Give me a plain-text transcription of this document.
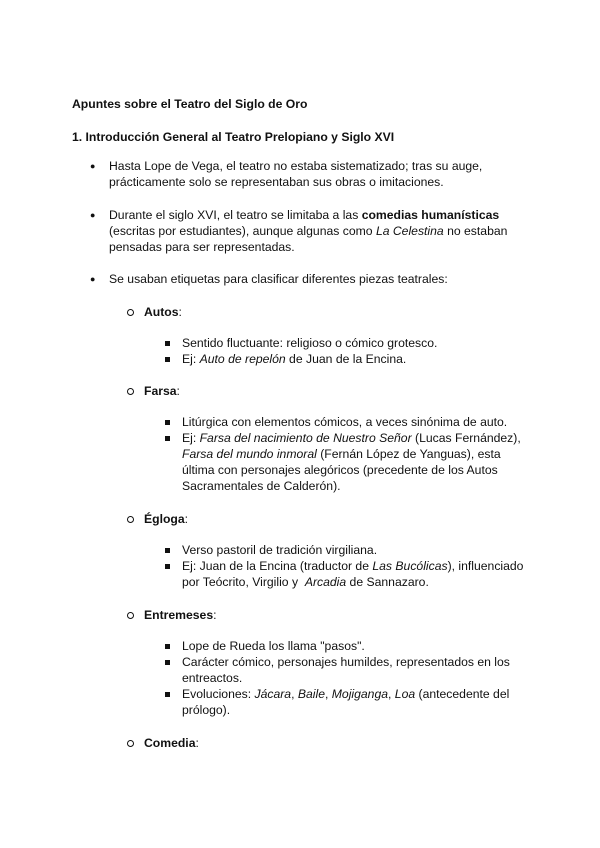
Apuntes sobre el Teatro del Siglo de Oro
1. Introducción General al Teatro Prelopiano y Siglo XVI
● Hasta Lope de Vega, el teatro no estaba sistematizado; tras su auge,
prácticamente solo se representaban sus obras o imitaciones.
● Durante el siglo XVI, el teatro se limitaba a las comedias humanísticas
(escritas por estudiantes), aunque algunas como La Celestina no estaban
pensadas para ser representadas.
● Se usaban etiquetas para clasificar diferentes piezas teatrales:
Autos:
Sentido fluctuante: religioso o cómico grotesco.
Ej: Auto de repelón de Juan de la Encina.
Farsa:
Litúrgica con elementos cómicos, a veces sinónima de auto.
Ej: Farsa del nacimiento de Nuestro Señor (Lucas Fernández),
Farsa del mundo inmoral (Fernán López de Yanguas), esta
última con personajes alegóricos (precedente de los Autos
Sacramentales de Calderón).
Égloga:
Verso pastoril de tradición virgiliana.
Ej: Juan de la Encina (traductor de Las Bucólicas), influenciado
por Teócrito, Virgilio y  Arcadia de Sannazaro.
Entremeses:
Lope de Rueda los llama "pasos".
Carácter cómico, personajes humildes, representados en los
entreactos.
Evoluciones: Jácara, Baile, Mojiganga, Loa (antecedente del
prólogo).
Comedia:
